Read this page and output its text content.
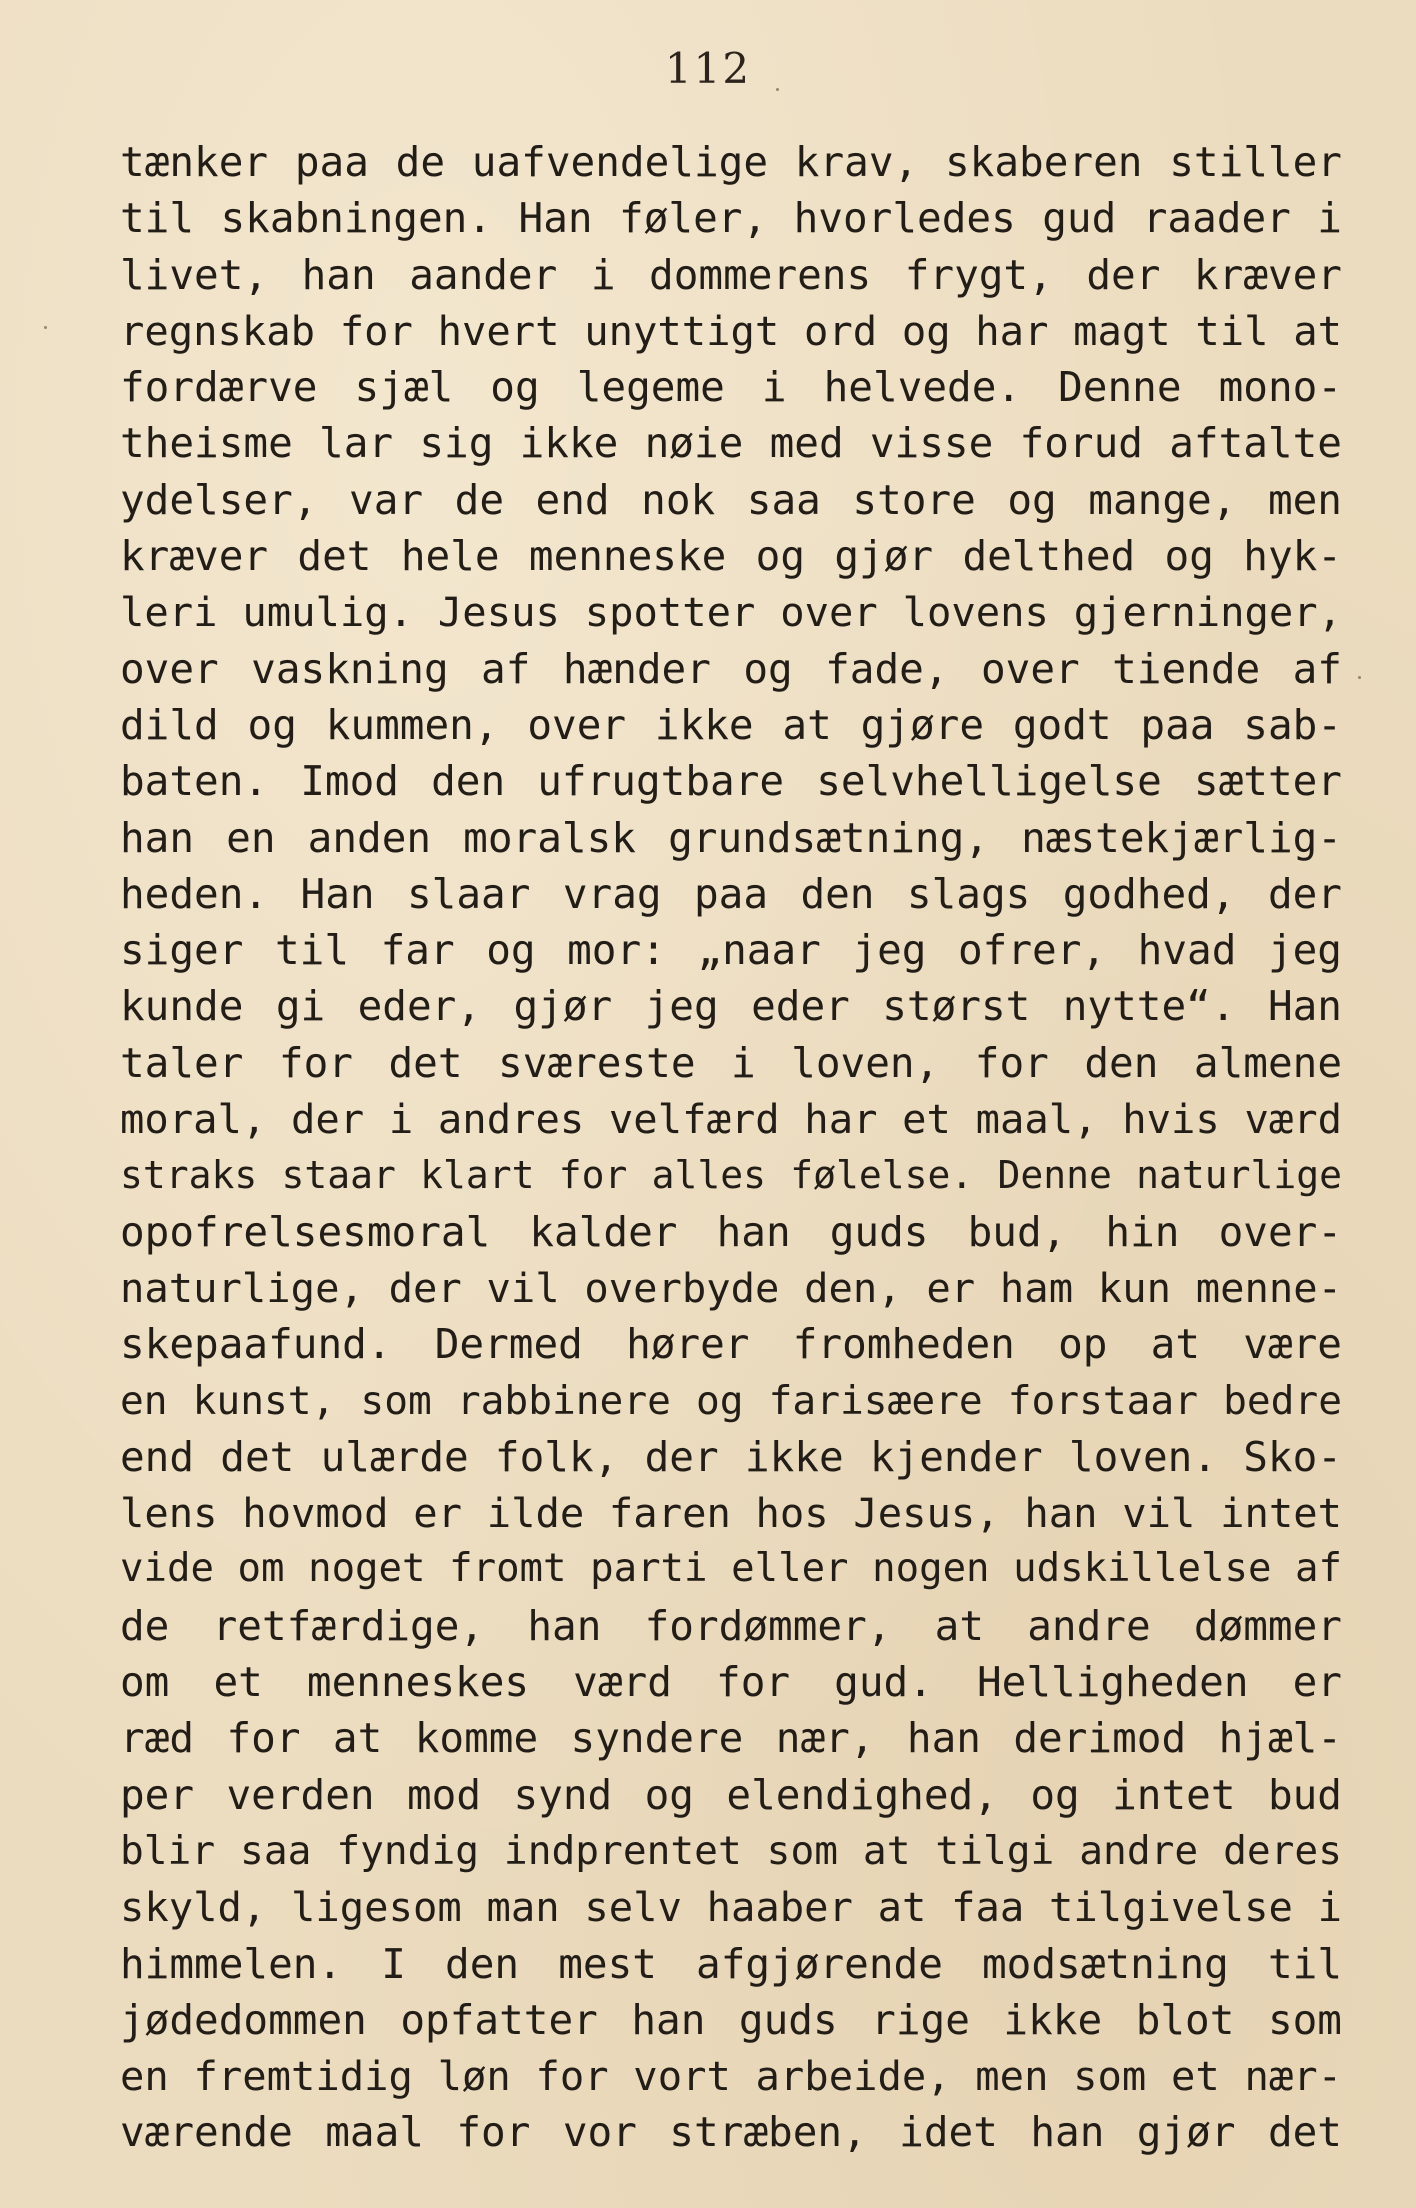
112
tænker paa de uafvendelige krav, skaberen stiller
til skabningen. Han føler, hvorledes gud raader i
livet, han aander i dommerens frygt, der kræver
regnskab for hvert unyttigt ord og har magt til at
fordærve sjæl og legeme i helvede. Denne mono-
theisme lar sig ikke nøie med visse forud aftalte
ydelser, var de end nok saa store og mange, men
kræver det hele menneske og gjør delthed og hyk-
leri umulig. Jesus spotter over lovens gjerninger,
over vaskning af hænder og fade, over tiende af
dild og kummen, over ikke at gjøre godt paa sab-
baten. Imod den ufrugtbare selvhelligelse sætter
han en anden moralsk grundsætning, næstekjærlig-
heden. Han slaar vrag paa den slags godhed, der
siger til far og mor: „naar jeg ofrer, hvad jeg
kunde gi eder, gjør jeg eder størst nytte“. Han
taler for det sværeste i loven, for den almene
moral, der i andres velfærd har et maal, hvis værd
straks staar klart for alles følelse. Denne naturlige
opofrelsesmoral kalder han guds bud, hin over-
naturlige, der vil overbyde den, er ham kun menne-
skepaafund. Dermed hører fromheden op at være
en kunst, som rabbinere og farisæere forstaar bedre
end det ulærde folk, der ikke kjender loven. Sko-
lens hovmod er ilde faren hos Jesus, han vil intet
vide om noget fromt parti eller nogen udskillelse af
de retfærdige, han fordømmer, at andre dømmer
om et menneskes værd for gud. Helligheden er
ræd for at komme syndere nær, han derimod hjæl-
per verden mod synd og elendighed, og intet bud
blir saa fyndig indprentet som at tilgi andre deres
skyld, ligesom man selv haaber at faa tilgivelse i
himmelen. I den mest afgjørende modsætning til
jødedommen opfatter han guds rige ikke blot som
en fremtidig løn for vort arbeide, men som et nær-
værende maal for vor stræben, idet han gjør det
